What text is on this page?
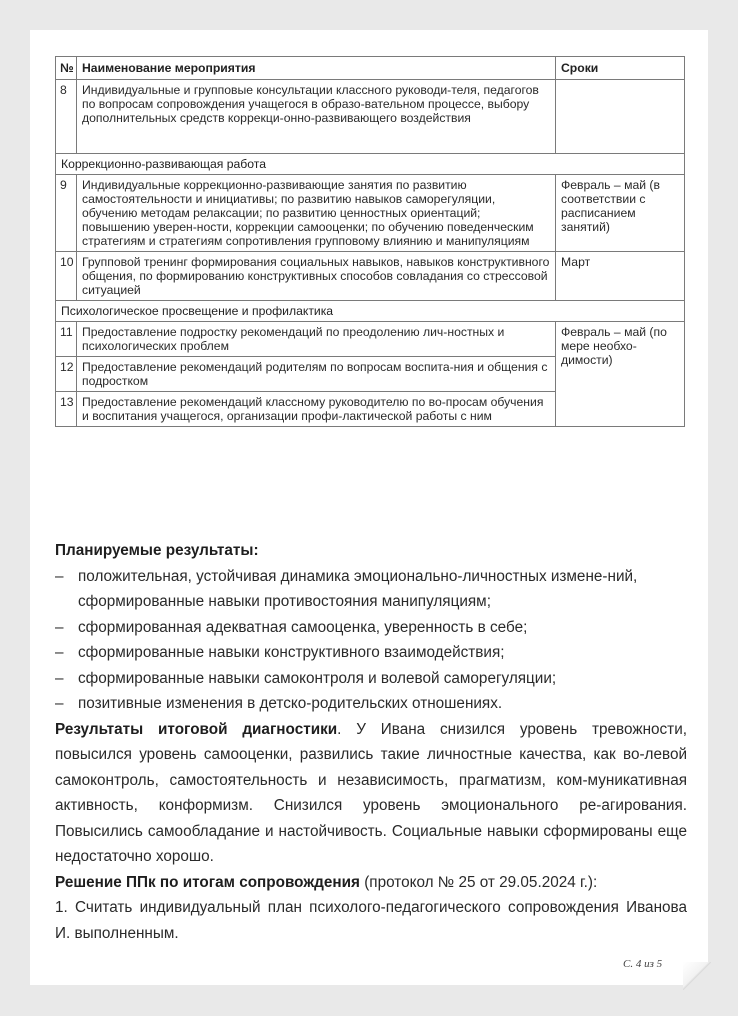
№	Наименование мероприятия	Сроки
8	Индивидуальные и групповые консультации классного руководи-теля, педагогов по вопросам сопровождения учащегося в образо-вательном процессе, выбору дополнительных средств коррекци-онно-развивающего воздействия	
Коррекционно-развивающая работа		
9	Индивидуальные коррекционно-развивающие занятия по развитию самостоятельности и инициативы; по развитию навыков саморегуляции, обучению методам релаксации; по развитию ценностных ориентаций; повышению уверен-ности, коррекции самооценки; по обучению поведенческим стратегиям и стратегиям сопротивления групповому влиянию и манипуляциям	Февраль – май (в соответствии с расписанием занятий)
10	Групповой тренинг формирования социальных навыков, навыков конструктивного общения, по формированию конструктивных способов совладания со стрессовой ситуацией	Март
Психологическое просвещение и профилактика		
11	Предоставление подростку рекомендаций по преодолению лич-ностных и психологических проблем	Февраль – май (по мере необхо-димости)
12	Предоставление рекомендаций родителям по вопросам воспита-ния и общения с подростком	
13	Предоставление рекомендаций классному руководителю по во-просам обучения и воспитания учащегося, организации профи-лактической работы с ним	
Планируемые результаты:
– положительная, устойчивая динамика эмоционально-личностных измене-ний, сформированные навыки противостояния манипуляциям;
– сформированная адекватная самооценка, уверенность в себе;
– сформированные навыки конструктивного взаимодействия;
– сформированные навыки самоконтроля и волевой саморегуляции;
– позитивные изменения в детско-родительских отношениях.

Результаты итоговой диагностики. У Ивана снизился уровень тревожности, повысился уровень самооценки, развились такие личностные качества, как во-левой самоконтроль, самостоятельность и независимость, прагматизм, ком-муникативная активность, конформизм. Снизился уровень эмоционального ре-агирования. Повысились самообладание и настойчивость. Социальные навыки сформированы еще недостаточно хорошо.

Решение ППк по итогам сопровождения (протокол № 25 от 29.05.2024 г.):

1. Считать индивидуальный план психолого-педагогического сопровождения Иванова И. выполненным.

С. 4 из 5
